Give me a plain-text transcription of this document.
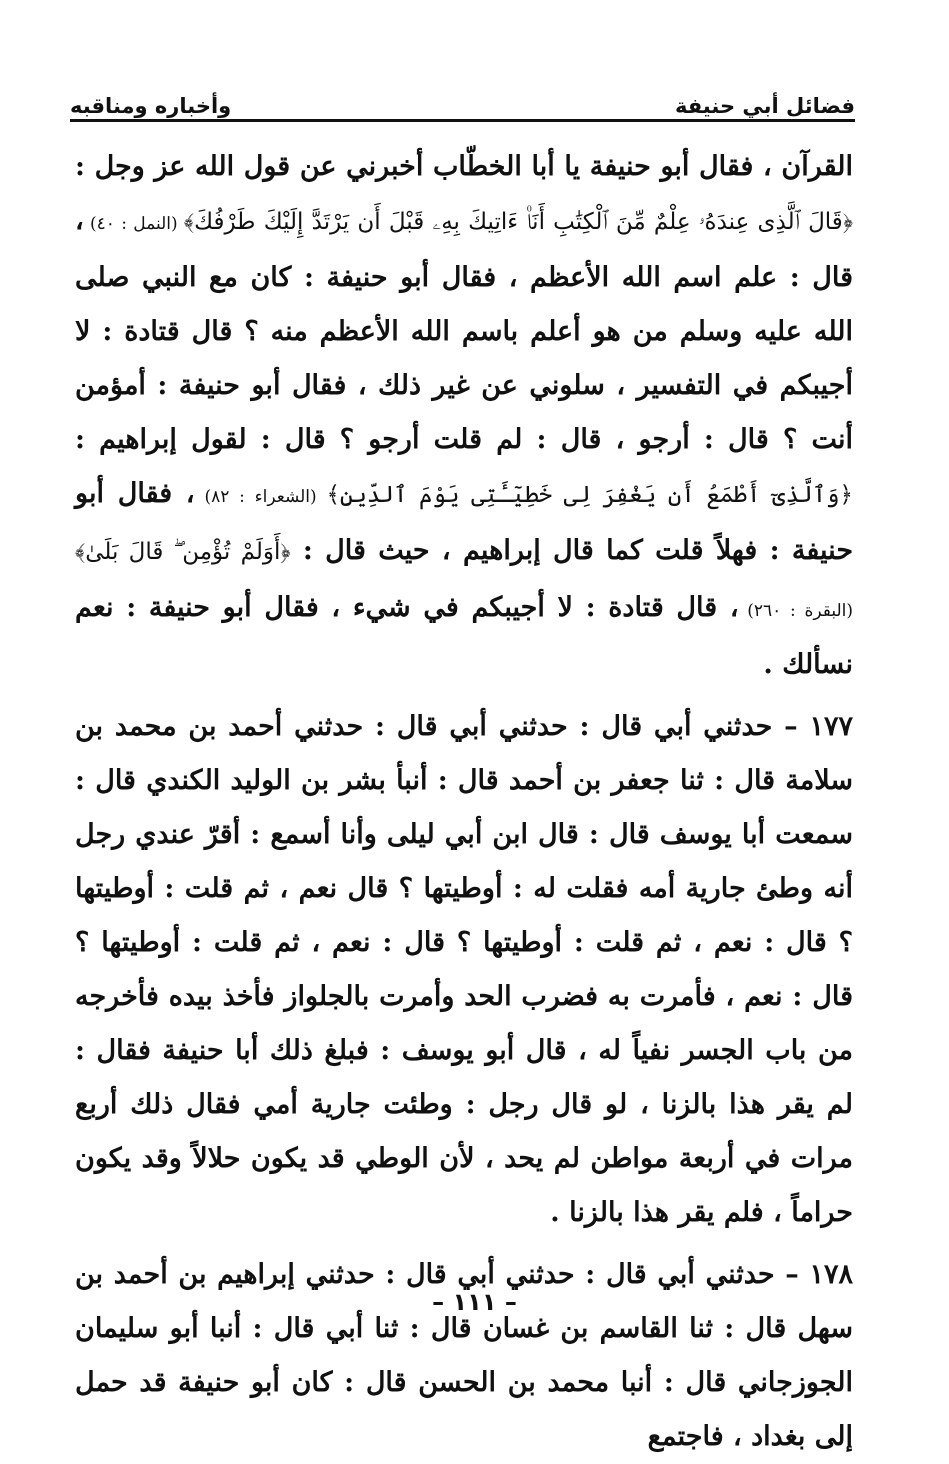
فضائل أبي حنيفة
وأخباره ومناقبه

القرآن ، فقال أبو حنيفة يا أبا الخطّاب أخبرني عن قول الله عز وجل : ﴿قَالَ ٱلَّذِى عِندَهُۥ عِلْمٌ مِّنَ ٱلْكِتَٰبِ أَنَا۠ ءَاتِيكَ بِهِۦ قَبْلَ أَن يَرْتَدَّ إِلَيْكَ طَرْفُكَ﴾ (النمل : ٤٠) ، قال : علم اسم الله الأعظم ، فقال أبو حنيفة : كان مع النبي صلى الله عليه وسلم من هو أعلم باسم الله الأعظم منه ؟ قال قتادة : لا أجيبكم في التفسير ، سلوني عن غير ذلك ، فقال أبو حنيفة : أمؤمن أنت ؟ قال : أرجو ، قال : لم قلت أرجو ؟ قال : لقول إبراهيم : ﴿وَٱلَّذِىٓ أَطْمَعُ أَن يَغْفِرَ لِى خَطِيٓـَٔتِى يَوْمَ ٱلدِّينِ﴾ (الشعراء : ٨٢) ، فقال أبو حنيفة : فهلاً قلت كما قال إبراهيم ، حيث قال : ﴿أَوَلَمْ تُؤْمِن ۖ قَالَ بَلَىٰ﴾ (البقرة : ٢٦٠) ، قال قتادة : لا أجيبكم في شيء ، فقال أبو حنيفة : نعم نسألك .

١٧٧ – حدثني أبي قال : حدثني أبي قال : حدثني أحمد بن محمد بن سلامة قال : ثنا جعفر بن أحمد قال : أنبأ بشر بن الوليد الكندي قال : سمعت أبا يوسف قال : قال ابن أبي ليلى وأنا أسمع : أقرّ عندي رجل أنه وطئ جارية أمه فقلت له : أوطيتها ؟ قال نعم ، ثم قلت : أوطيتها ؟ قال : نعم ، ثم قلت : أوطيتها ؟ قال : نعم ، ثم قلت : أوطيتها ؟ قال : نعم ، فأمرت به فضرب الحد وأمرت بالجلواز فأخذ بيده فأخرجه من باب الجسر نفياً له ، قال أبو يوسف : فبلغ ذلك أبا حنيفة فقال : لم يقر هذا بالزنا ، لو قال رجل : وطئت جارية أمي فقال ذلك أربع مرات في أربعة مواطن لم يحد ، لأن الوطي قد يكون حلالاً وقد يكون حراماً ، فلم يقر هذا بالزنا .

١٧٨ – حدثني أبي قال : حدثني أبي قال : حدثني إبراهيم بن أحمد بن سهل قال : ثنا القاسم بن غسان قال : ثنا أبي قال : أنبا أبو سليمان الجوزجاني قال : أنبا محمد بن الحسن قال : كان أبو حنيفة قد حمل إلى بغداد ، فاجتمع

– ١١١ –
